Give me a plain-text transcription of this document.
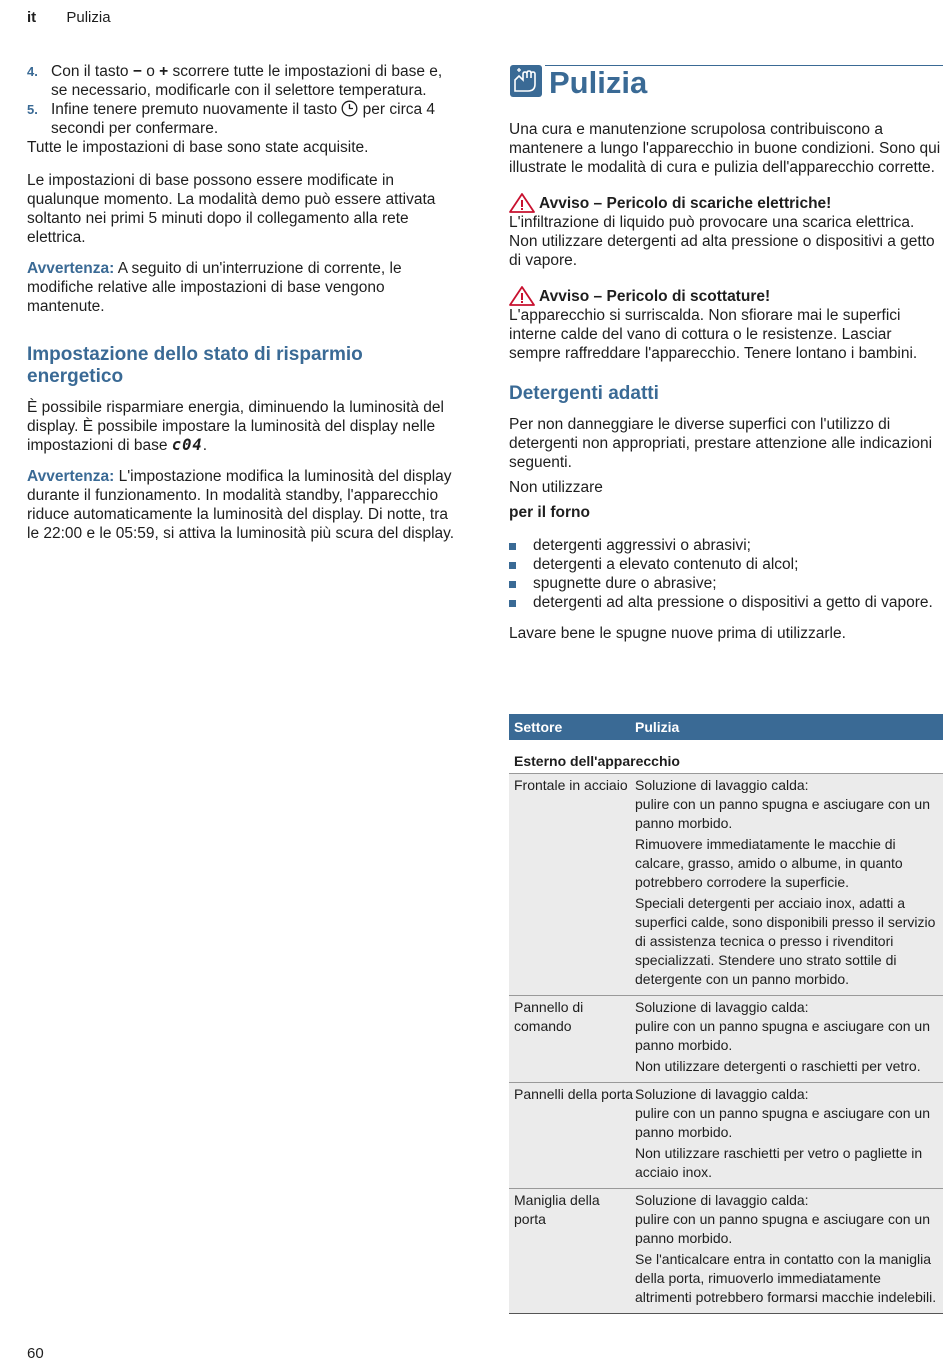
it Pulizia
4. Con il tasto − o + scorrere tutte le impostazioni di base e, se necessario, modificarle con il selettore temperatura.
5. Infine tenere premuto nuovamente il tasto  per circa 4 secondi per confermare.

Tutte le impostazioni di base sono state acquisite.

Le impostazioni di base possono essere modificate in qualunque momento. La modalità demo può essere attivata soltanto nei primi 5 minuti dopo il collegamento alla rete elettrica.

Avvertenza: A seguito di un'interruzione di corrente, le modifiche relative alle impostazioni di base vengono mantenute.

Impostazione dello stato di risparmio energetico

È possibile risparmiare energia, diminuendo la luminosità del display. È possibile impostare la luminosità del display nelle impostazioni di base c04.

Avvertenza: L'impostazione modifica la luminosità del display durante il funzionamento. In modalità standby, l'apparecchio riduce automaticamente la luminosità del display. Di notte, tra le 22:00 e le 05:59, si attiva la luminosità più scura del display.

Pulizia

Una cura e manutenzione scrupolosa contribuiscono a mantenere a lungo l'apparecchio in buone condizioni. Sono qui illustrate le modalità di cura e pulizia dell'apparecchio corrette.

Avviso – Pericolo di scariche elettriche!

L'infiltrazione di liquido può provocare una scarica elettrica. Non utilizzare detergenti ad alta pressione o dispositivi a getto di vapore.

Avviso – Pericolo di scottature!

L'apparecchio si surriscalda. Non sfiorare mai le superfici interne calde del vano di cottura o le resistenze. Lasciar sempre raffreddare l'apparecchio. Tenere lontano i bambini.

Detergenti adatti

Per non danneggiare le diverse superfici con l'utilizzo di detergenti non appropriati, prestare attenzione alle indicazioni seguenti.

Non utilizzare

per il forno

detergenti aggressivi o abrasivi;
detergenti a elevato contenuto di alcol;
spugnette dure o abrasive;
detergenti ad alta pressione o dispositivi a getto di vapore.

Lavare bene le spugne nuove prima di utilizzarle.

Settore	Pulizia
Esterno dell'apparecchio
Frontale in acciaio Soluzione di lavaggio calda:
pulire con un panno spugna e asciugare con un panno morbido.
Rimuovere immediatamente le macchie di calcare, grasso, amido o albume, in quanto potrebbero corrodere la superficie.
Speciali detergenti per acciaio inox, adatti a superfici calde, sono disponibili presso il servizio di assistenza tecnica o presso i rivenditori specializzati. Stendere uno strato sottile di detergente con un panno morbido.
Pannello di comando
Soluzione di lavaggio calda:
pulire con un panno spugna e asciugare con un panno morbido.
Non utilizzare detergenti o raschietti per vetro.
Pannelli della porta Soluzione di lavaggio calda:
pulire con un panno spugna e asciugare con un panno morbido.
Non utilizzare raschietti per vetro o pagliette in acciaio inox.
Maniglia della porta
Soluzione di lavaggio calda:
pulire con un panno spugna e asciugare con un panno morbido.
Se l'anticalcare entra in contatto con la maniglia della porta, rimuoverlo immediatamente altrimenti potrebbero formarsi macchie indelebili.
60
